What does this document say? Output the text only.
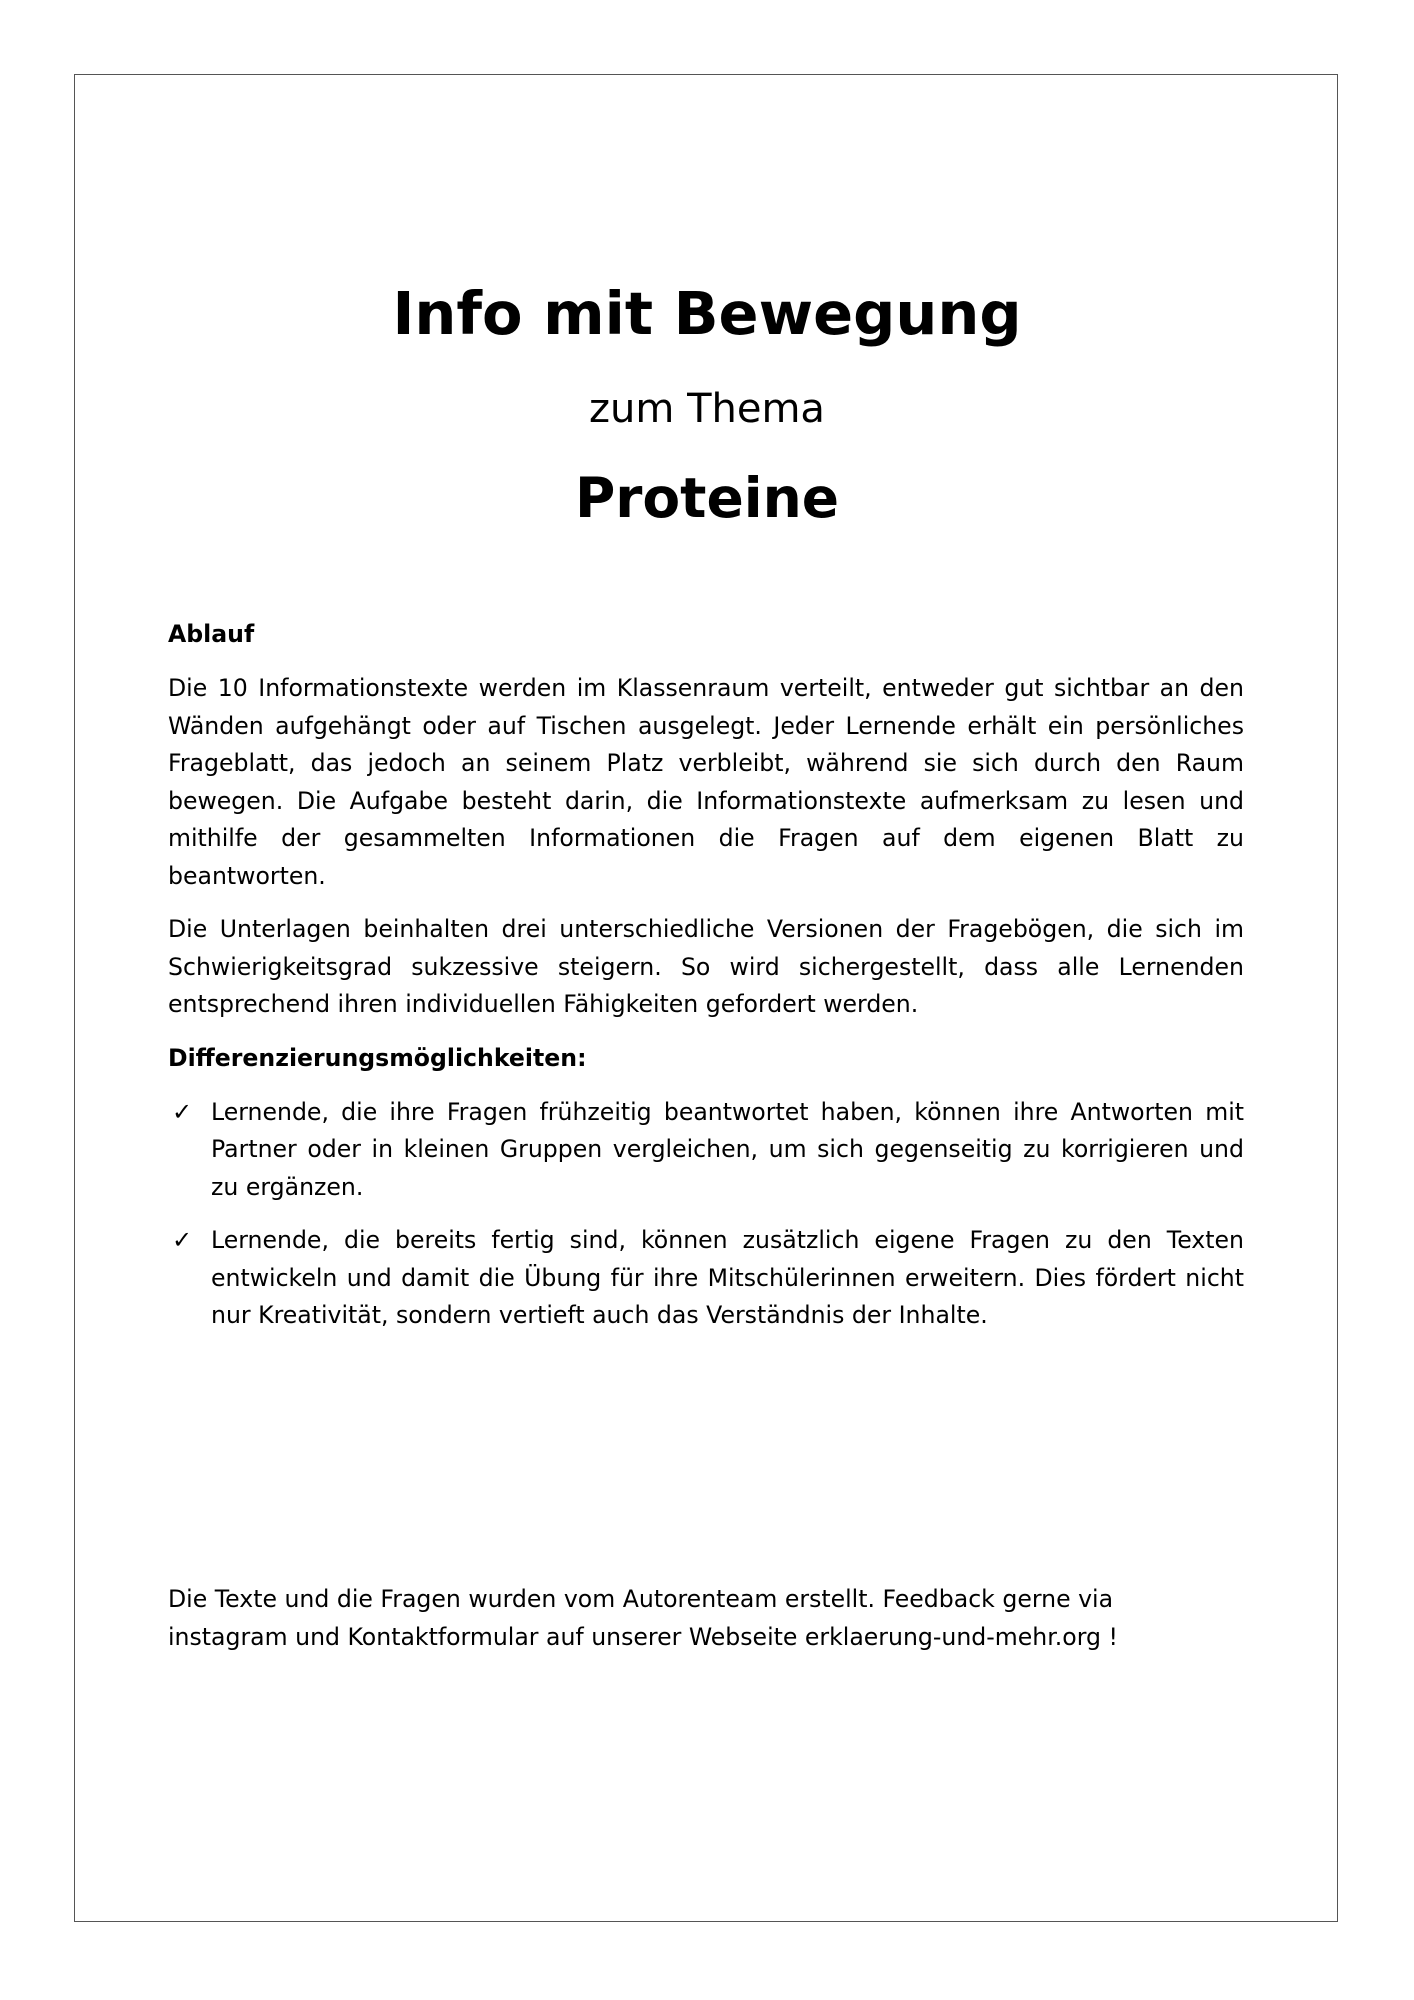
Info mit Bewegung
zum Thema
Proteine
Ablauf

Die 10 Informationstexte werden im Klassenraum verteilt, entweder gut sichtbar an den Wänden aufgehängt oder auf Tischen ausgelegt. Jeder Lernende erhält ein persönliches Frageblatt, das jedoch an seinem Platz verbleibt, während sie sich durch den Raum bewegen. Die Aufgabe besteht darin, die Informationstexte aufmerksam zu lesen und mithilfe der gesammelten Informationen die Fragen auf dem eigenen Blatt zu beantworten.

Die Unterlagen beinhalten drei unterschiedliche Versionen der Fragebögen, die sich im Schwierigkeitsgrad sukzessive steigern. So wird sichergestellt, dass alle Lernenden entsprechend ihren individuellen Fähigkeiten gefordert werden.

Differenzierungsmöglichkeiten:
✓ Lernende, die ihre Fragen frühzeitig beantwortet haben, können ihre Antworten mit Partner oder in kleinen Gruppen vergleichen, um sich gegenseitig zu korrigieren und zu ergänzen.
✓ Lernende, die bereits fertig sind, können zusätzlich eigene Fragen zu den Texten entwickeln und damit die Übung für ihre Mitschülerinnen erweitern. Dies fördert nicht nur Kreativität, sondern vertieft auch das Verständnis der Inhalte.

Die Texte und die Fragen wurden vom Autorenteam erstellt. Feedback gerne via
instagram und Kontaktformular auf unserer Webseite erklaerung-und-mehr.org !
